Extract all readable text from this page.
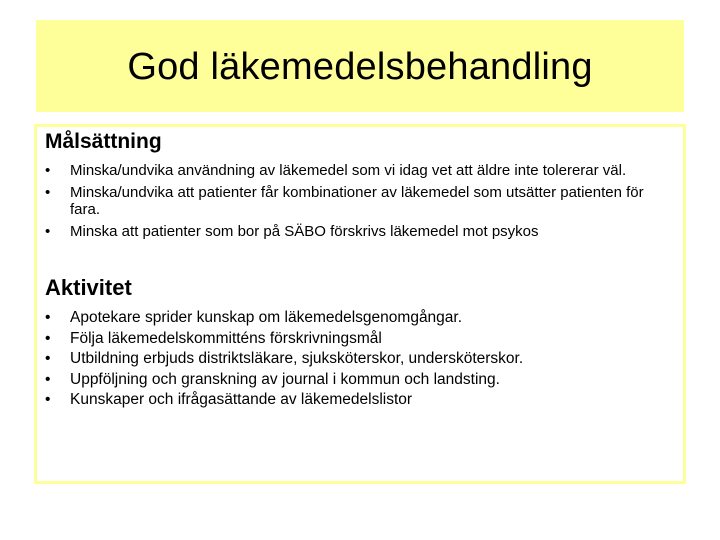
God läkemedelsbehandling
Målsättning
•	Minska/undvika användning av läkemedel som vi idag vet att äldre inte tolererar väl.
•	Minska/undvika att patienter får kombinationer av läkemedel som utsätter patienten för fara.
•	Minska att patienter som bor på SÄBO förskrivs läkemedel mot psykos
Aktivitet
•	Apotekare sprider kunskap om läkemedelsgenomgångar.
•	Följa läkemedelskommitténs förskrivningsmål
•	Utbildning erbjuds distriktsläkare, sjuksköterskor, undersköterskor.
•	Uppföljning och granskning av journal i kommun och landsting.
•	Kunskaper och ifrågasättande av läkemedelslistor
